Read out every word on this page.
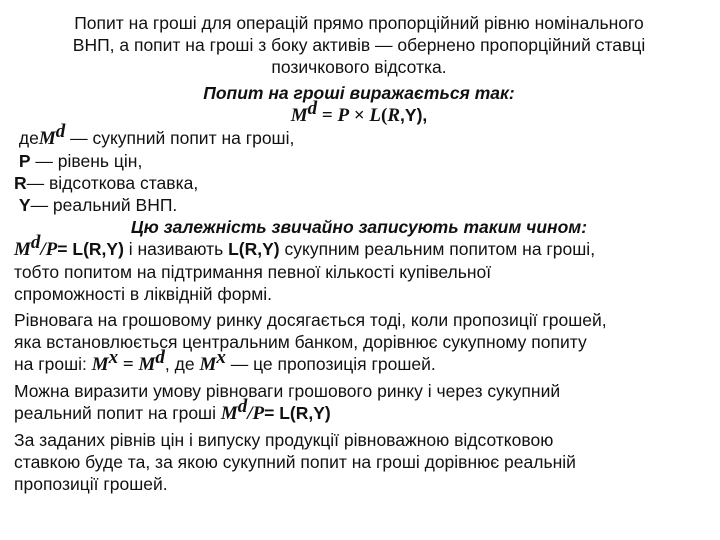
Попит на гроші для операцій прямо пропорційний рівню номінального
ВНП, а попит на гроші з боку активів — обернено пропорційний ставці
позичкового відсотка.
Попит на гроші виражається так:
$M^d = P \times L(R,Y)$,
деM$^d$ — сукупний попит на гроші,
P — рівень цін,
R— відсоткова ставка,
Y— реальний ВНП.
Цю залежність звичайно записують таким чином:
$M^d/P= L(R,Y)$ і називають L(R,Y) сукупним реальним попитом на гроші,
тобто попитом на підтримання певної кількості купівельної
спроможності в ліквідній формі.
Рівновага на грошовому ринку досягається тоді, коли пропозиції грошей,
яка встановлюється центральним банком, дорівнює сукупному попиту
на гроші: $M^x = M^d$, де $M^x$ — це пропозиція грошей.
Можна виразити умову рівноваги грошового ринку і через сукупний
реальний попит на гроші $M^d/P= L(R,Y)$
За заданих рівнів цін і випуску продукції рівноважною відсотковою
ставкою буде та, за якою сукупний попит на гроші дорівнює реальній
пропозиції грошей.
